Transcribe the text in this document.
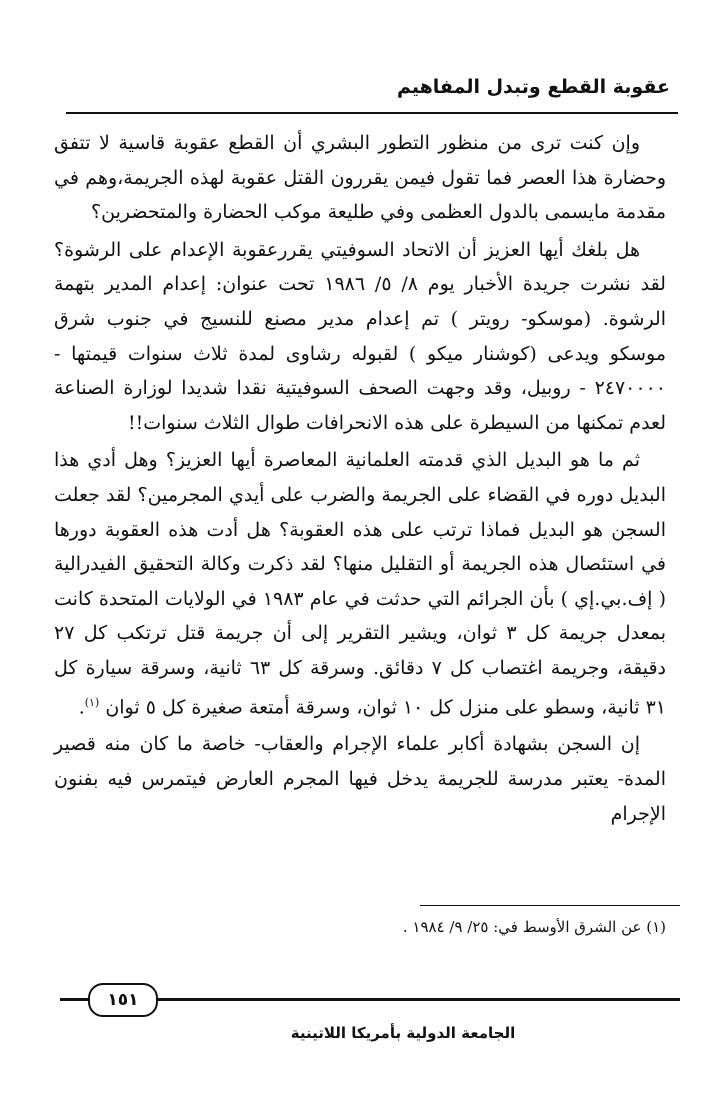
عقوبة القطع وتبدل المفاهيم

وإن كنت ترى من منظور التطور البشري أن القطع عقوبة قاسية لا تتفق وحضارة هذا العصر فما تقول فيمن يقررون القتل عقوبة لهذه الجريمة،وهم في مقدمة مايسمى بالدول العظمى وفي طليعة موكب الحضارة والمتحضرين؟

هل بلغك أيها العزيز أن الاتحاد السوفيتي يقررعقوبة الإعدام على الرشوة؟ لقد نشرت جريدة الأخبار يوم ٨/ ٥/ ١٩٨٦ تحت عنوان: إعدام المدير بتهمة الرشوة. (موسكو- رويتر ) تم إعدام مدير مصنع للنسيج في جنوب شرق موسكو ويدعى (كوشنار ميكو ) لقبوله رشاوى لمدة ثلاث سنوات قيمتها - ٢٤٧٠٠٠٠ - روبيل، وقد وجهت الصحف السوفيتية نقدا شديدا لوزارة الصناعة لعدم تمكنها من السيطرة على هذه الانحرافات طوال الثلاث سنوات!!

ثم ما هو البديل الذي قدمته العلمانية المعاصرة أيها العزيز؟ وهل أدي هذا البديل دوره في القضاء على الجريمة والضرب على أيدي المجرمين؟ لقد جعلت السجن هو البديل فماذا ترتب على هذه العقوبة؟ هل أدت هذه العقوبة دورها في استئصال هذه الجريمة أو التقليل منها؟ لقد ذكرت وكالة التحقيق الفيدرالية ( إف.بي.إي ) بأن الجرائم التي حدثت في عام ١٩٨٣ في الولايات المتحدة كانت بمعدل جريمة كل ٣ ثوان، ويشير التقرير إلى أن جريمة قتل ترتكب كل ٢٧ دقيقة، وجريمة اغتصاب كل ٧ دقائق. وسرقة كل ٦٣ ثانية، وسرقة سيارة كل ٣١ ثانية، وسطو على منزل كل ١٠ ثوان، وسرقة أمتعة صغيرة كل ٥ ثوان $^{(١)}$.

إن السجن بشهادة أكابر علماء الإجرام والعقاب- خاصة ما كان منه قصير المدة- يعتبر مدرسة للجريمة يدخل فيها المجرم العارض فيتمرس فيه بفنون الإجرام

(١) عن الشرق الأوسط في: ٢٥/ ٩/ ١٩٨٤ .
١٥١
الجامعة الدولية بأمريكا اللاتينية
